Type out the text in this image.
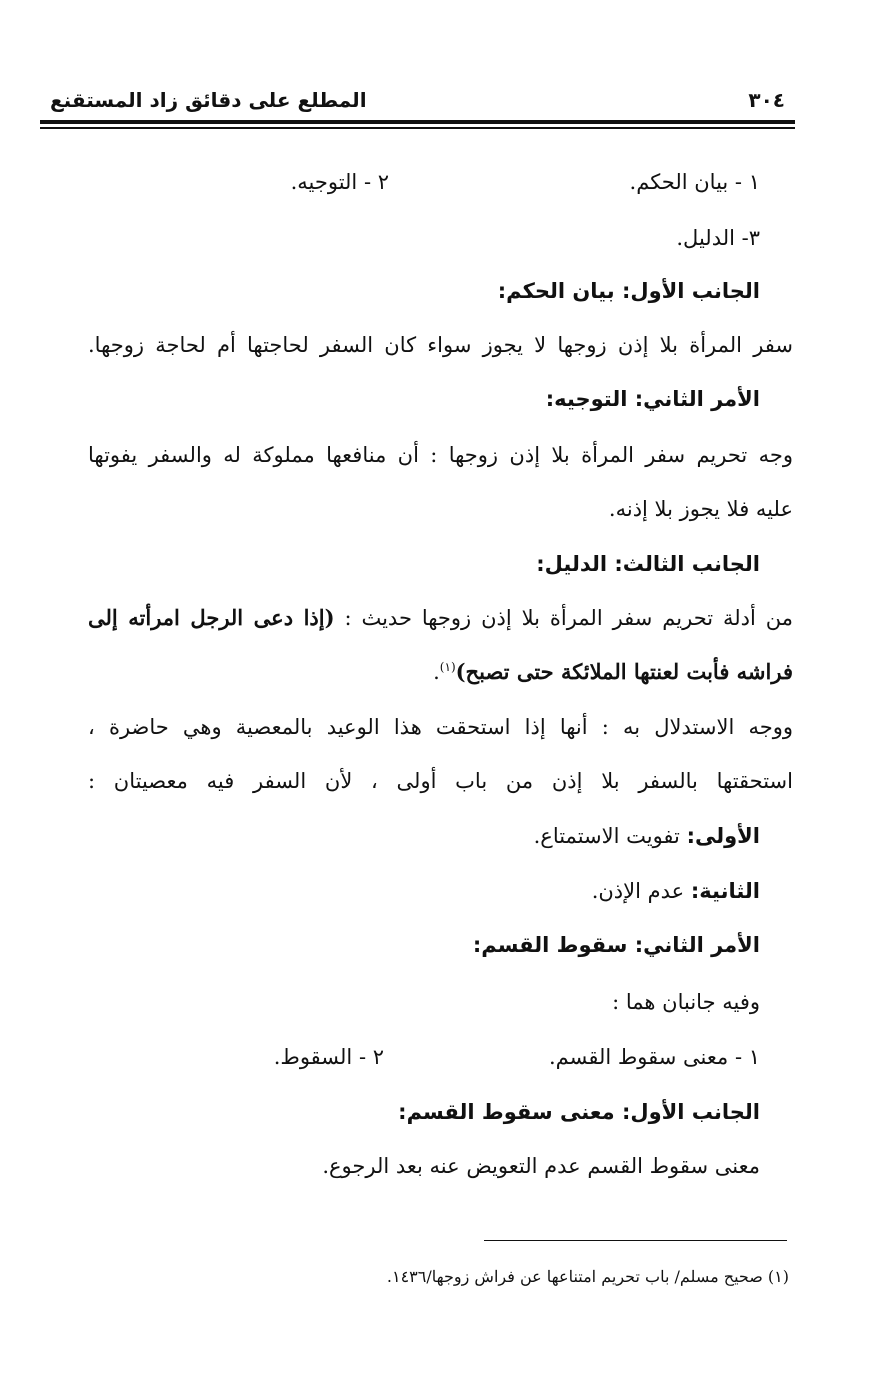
المطلع على دقائق زاد المستقنع	٣٠٤
١ - بيان الحكم.
٢ - التوجيه.
٣- الدليل.
الجانب الأول: بيان الحكم:
سفر المرأة بلا إذن زوجها لا يجوز سواء كان السفر لحاجتها أم لحاجة زوجها.
الأمر الثاني: التوجيه:
وجه تحريم سفر المرأة بلا إذن زوجها : أن منافعها مملوكة له والسفر يفوتها
عليه فلا يجوز بلا إذنه.
الجانب الثالث: الدليل:
من أدلة تحريم سفر المرأة بلا إذن زوجها حديث : (إذا دعى الرجل امرأته إلى
فراشه فأبت لعنتها الملائكة حتى تصبح)$^{(١)}$.
ووجه الاستدلال به : أنها إذا استحقت هذا الوعيد بالمعصية وهي حاضرة ،
استحقتها بالسفر بلا إذن من باب أولى ، لأن السفر فيه معصيتان :
الأولى: تفويت الاستمتاع.
الثانية: عدم الإذن.
الأمر الثاني: سقوط القسم:
وفيه جانبان هما :
١ - معنى سقوط القسم.
٢ - السقوط.
الجانب الأول: معنى سقوط القسم:
معنى سقوط القسم عدم التعويض عنه بعد الرجوع.
(١) صحيح مسلم/ باب تحريم امتناعها عن فراش زوجها/١٤٣٦.
